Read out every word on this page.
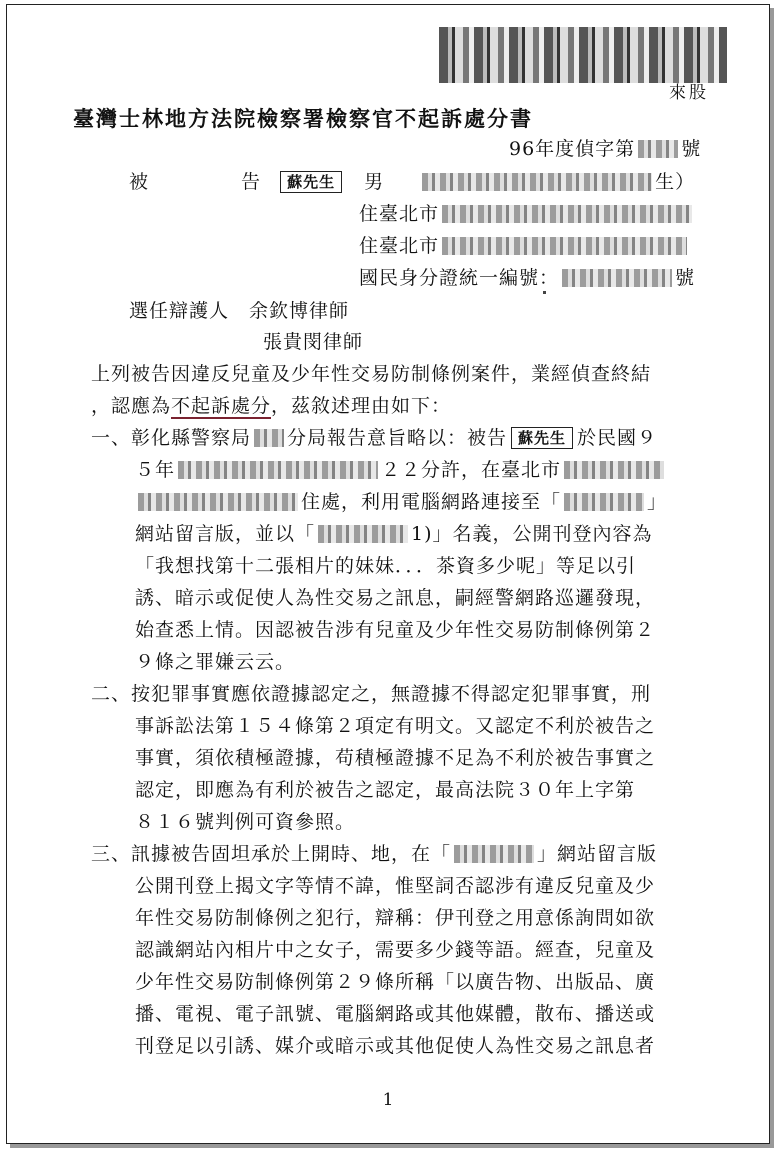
來股
臺灣士林地方法院檢察署檢察官不起訴處分書
96年度偵字第 號
被　　　告 蘇先生 男	生）
住臺北市
住臺北市
國民身分證統一編號：	號
選任辯護人　 余欽博律師
張貴閔律師
上列被告因違反兒童及少年性交易防制條例案件，業經偵查終結
，認應為不起訴處分，茲敘述理由如下：
一、彰化縣警察局 分局報告意旨略以：被告 蘇先生 於民國９
５年	２２分許，在臺北市
住處，利用電腦網路連接至「	」
網站留言版，並以「	1)」名義，公開刊登內容為
「我想找第十二張相片的妹妹．．．茶資多少呢」等足以引
誘、暗示或促使人為性交易之訊息，嗣經警網路巡邏發現，
始查悉上情。因認被告涉有兒童及少年性交易防制條例第２
９條之罪嫌云云。
二、按犯罪事實應依證據認定之，無證據不得認定犯罪事實，刑
事訴訟法第１５４條第２項定有明文。又認定不利於被告之
事實，須依積極證據，苟積極證據不足為不利於被告事實之
認定，即應為有利於被告之認定，最高法院３０年上字第
８１６號判例可資參照。
三、訊據被告固坦承於上開時、地，在「	」網站留言版
公開刊登上揭文字等情不諱，惟堅詞否認涉有違反兒童及少
年性交易防制條例之犯行，辯稱：伊刊登之用意係詢問如欲
認識網站內相片中之女子，需要多少錢等語。經查，兒童及
少年性交易防制條例第２９條所稱「以廣告物、出版品、廣
播、電視、電子訊號、電腦網路或其他媒體，散布、播送或
刊登足以引誘、媒介或暗示或其他促使人為性交易之訊息者
1
